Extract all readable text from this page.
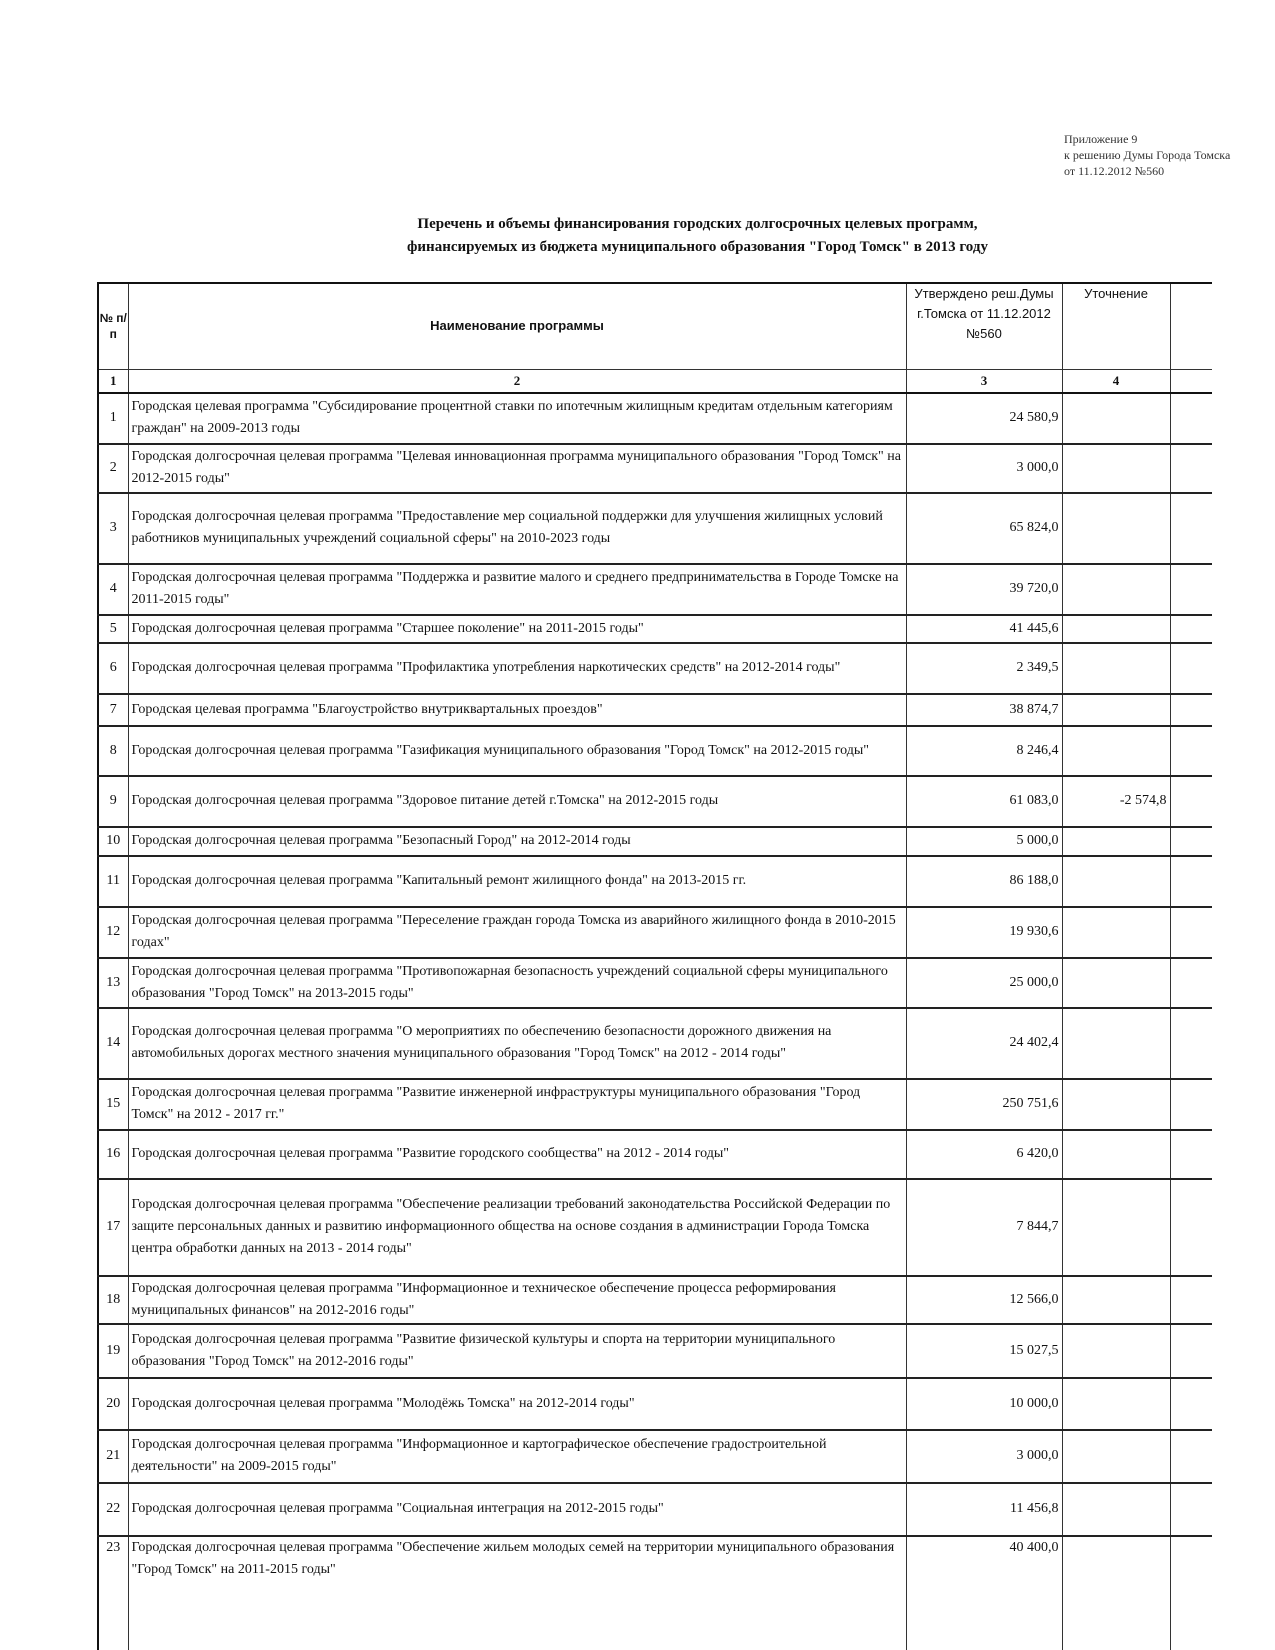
Приложение 9
к решению Думы Города Томска
от 11.12.2012 №560
Перечень и объемы финансирования городских долгосрочных целевых программ,
финансируемых из бюджета муниципального образования "Город Томск" в 2013 году
№ п/п	Наименование программы	Утверждено реш.Думы г.Томска от 11.12.2012 №560	Уточнение	
1	2	3	4	
1	Городская целевая программа "Субсидирование процентной ставки по ипотечным жилищным кредитам отдельным категориям граждан" на 2009-2013 годы	24 580,9		
2	Городская долгосрочная целевая программа "Целевая инновационная программа муниципального образования "Город Томск" на 2012-2015 годы"	3 000,0		
3	Городская долгосрочная целевая программа "Предоставление мер социальной поддержки для улучшения жилищных условий работников муниципальных учреждений социальной сферы" на 2010-2023 годы	65 824,0		
4	Городская долгосрочная целевая программа "Поддержка и развитие малого и среднего предпринимательства в Городе Томске на 2011-2015 годы"	39 720,0		
5	Городская долгосрочная целевая программа "Старшее поколение" на 2011-2015 годы"	41 445,6		
6	Городская долгосрочная целевая программа "Профилактика употребления наркотических средств" на 2012-2014 годы"	2 349,5		
7	Городская целевая программа "Благоустройство внутриквартальных проездов"	38 874,7		
8	Городская долгосрочная целевая программа "Газификация муниципального образования "Город Томск" на 2012-2015 годы"	8 246,4		
9	Городская долгосрочная целевая программа "Здоровое питание детей г.Томска" на 2012-2015 годы	61 083,0	-2 574,8	
10	Городская долгосрочная целевая программа "Безопасный Город" на 2012-2014 годы	5 000,0		
11	Городская долгосрочная целевая программа "Капитальный ремонт жилищного фонда" на 2013-2015 гг.	86 188,0		
12	Городская долгосрочная целевая программа "Переселение граждан города Томска из аварийного жилищного фонда в 2010-2015 годах"	19 930,6		
13	Городская долгосрочная целевая программа "Противопожарная безопасность учреждений социальной сферы муниципального образования "Город Томск" на 2013-2015 годы"	25 000,0		
14	Городская долгосрочная целевая программа "О мероприятиях по обеспечению безопасности дорожного движения на автомобильных дорогах местного значения муниципального образования "Город Томск" на 2012 - 2014 годы"	24 402,4		
15	Городская долгосрочная целевая программа "Развитие инженерной инфраструктуры муниципального образования "Город Томск" на 2012 - 2017 гг."	250 751,6		
16	Городская долгосрочная целевая программа "Развитие городского сообщества" на 2012 - 2014 годы"	6 420,0		
17	Городская долгосрочная целевая программа "Обеспечение реализации требований законодательства Российской Федерации по защите персональных данных и развитию информационного общества на основе создания в администрации Города Томска центра обработки данных на 2013 - 2014 годы"	7 844,7		
18	Городская долгосрочная целевая программа "Информационное и техническое обеспечение процесса реформирования муниципальных финансов" на 2012-2016 годы"	12 566,0		
19	Городская долгосрочная целевая программа "Развитие физической культуры и спорта на территории муниципального образования "Город Томск" на 2012-2016 годы"	15 027,5		
20	Городская долгосрочная целевая программа "Молодёжь Томска" на 2012-2014 годы"	10 000,0		
21	Городская долгосрочная целевая программа "Информационное и картографическое обеспечение градостроительной деятельности" на 2009-2015 годы"	3 000,0		
22	Городская долгосрочная целевая программа "Социальная интеграция на 2012-2015 годы"	11 456,8		
23	Городская долгосрочная целевая программа "Обеспечение жильем молодых семей на территории муниципального образования "Город Томск" на 2011-2015 годы"	40 400,0		
